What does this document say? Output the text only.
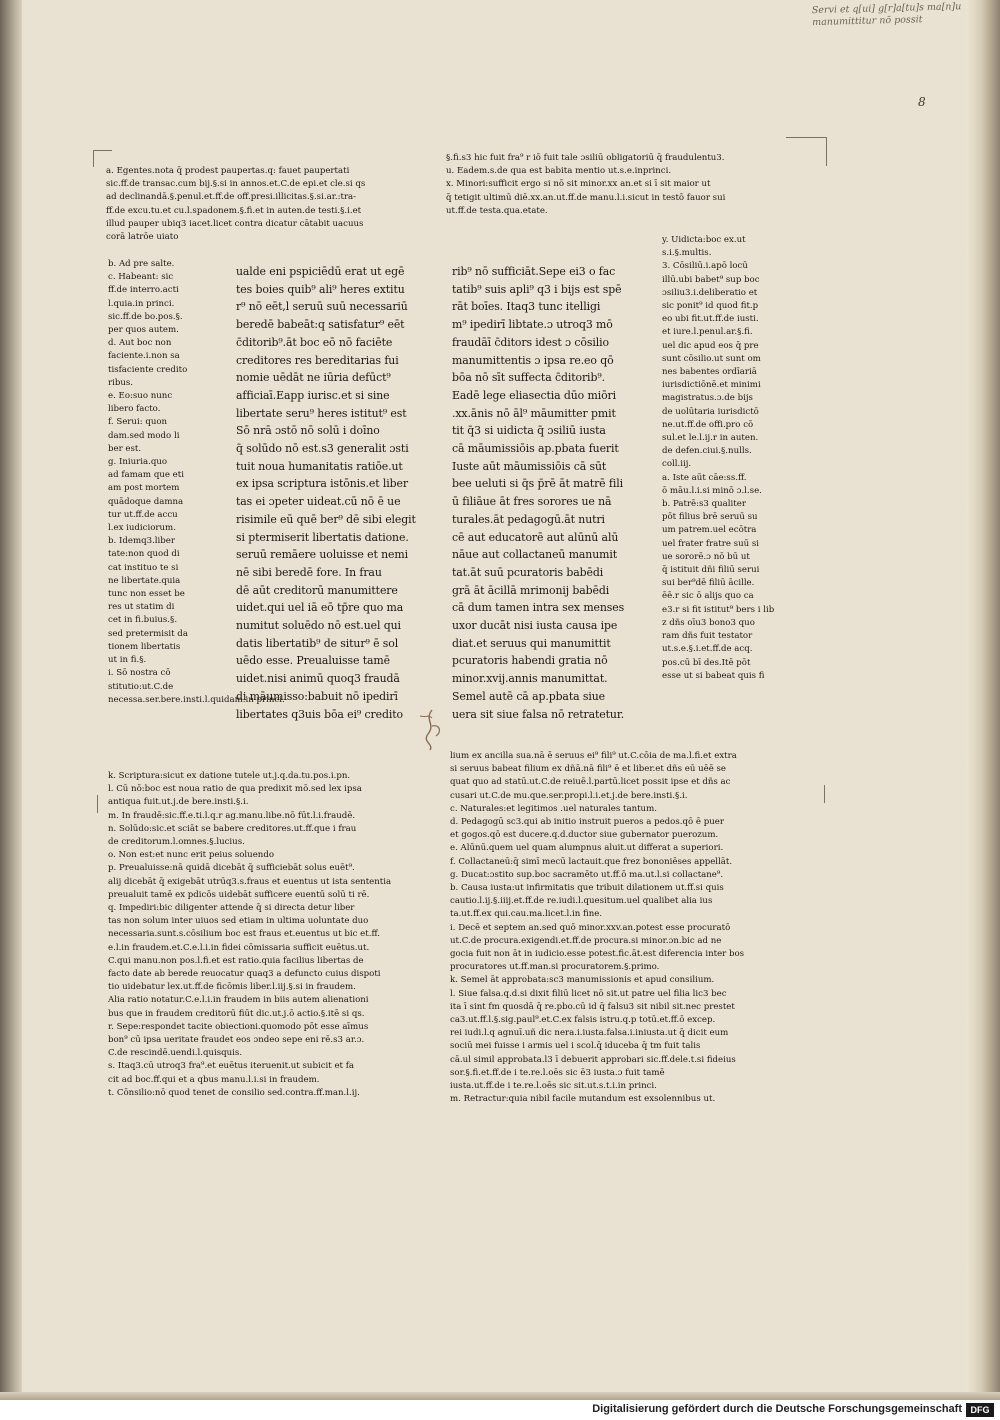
Servi et q[ui] g[r]a[tu]s ma[n]u
manumittitur nō possit
8
a. Egentes.nota q̄ prodest paupertas.q: fauet paupertati
sic.ff.de transac.cum bij.§.si in annos.et.C.de epi.et cle.si qs
ad declinandā.§.penul.et.ff.de off.presi.illicitas.§.si.ar.:tra-
ff.de excu.tu.et cu.l.spadonem.§.fi.et in auten.de testi.§.i.et
illud pauper ubiq3 iacet.licet contra dicatur cātabit uacuus
corā latrōe uiato
§.fi.s3 hic fuit fra⁹ r iō fuit tale ɔsiliū obligatoriū q̄ fraudulentu3.
u. Eadem.s.de qua est babita mentio ut.s.e.inprinci.
x. Minori:sufficit ergo si nō sit minor.xx an.et si ī sit maior ut
q̄ tetigit ultimū diē.xx.an.ut.ff.de manu.l.i.sicut in testō fauor sui
ut.ff.de testa.qua.etate.
b. Ad pre salte.
c. Habeant: sic
ff.de interro.acti
l.quia.in princi.
sic.ff.de bo.pos.§.
per quos autem.
d. Aut boc non
faciente.i.non sa
tisfaciente credito
ribus.
e. Eo:suo nunc
libero facto.
f. Serui: quon
dam.sed modo li
ber est.
g. Iniuria.quo
ad famam que eti
am post mortem
quādoque damna
tur ut.ff.de accu
l.ex iudiciorum.
b. Idemq3.liber
tate:non quod di
cat instituo te si
ne libertate.quia
tunc non esset be
res ut statim di
cet in fi.buius.§.
sed pretermisit da
tionem libertatis
ut in fi.§.
i. Sō nostra cō
stitutio:ut.C.de
necessa.ser.bere.insti.l.quidam.in princi.
ualde eni pspiciēdū erat ut egē
tes boies quib⁹ ali⁹ heres extitu
r⁹ nō eēt,l seruū suū necessariū
beredē babeāt:q satisfatur⁹ eēt
c̄ditorib⁹.āt boc eō nō faciēte
creditores res bereditarias fui
nomie uēdāt ne iūria defūct⁹
afficiaī.Eapp iurisc.et si sine
libertate seru⁹ heres istitut⁹ est
Sō nrā ɔstō nō solū i doīno
q̄ solūdo nō est.s3 generalit ɔsti
tuit noua humanitatis ratiōe.ut
ex ipsa scriptura istōnis.et liber
tas ei ɔpeter uideat.cū nō ē ue
risimile eū quē ber⁹ dē sibi elegit
si ptermiserit libertatis datione.
seruū remāere uoluisse et nemi
nē sibi beredē fore. In frau
dē aūt creditorū manumittere
uidet.qui uel iā eō tp̄re quo ma
numitut soluēdo nō est.uel qui
datis libertatib⁹ de situr⁹ ē sol
uēdo esse. Preualuisse tamē
uidet.nisi animū quoq3 fraudā
di māumisso:babuit nō ipedirī
libertates q3uis bōa ei⁹ credito
rib⁹ nō sufficiāt.Sepe ei3 o fac
tatib⁹ suis apli⁹ q3 i bijs est spē
rāt boīes. Itaq3 tunc itelligi
m⁹ ipedirī libtate.ɔ utroq3 mō
fraudāī c̄ditors idest ɔ cōsilio
manumittentis ɔ ipsa re.eo qō
bōa nō sīt suffecta c̄ditorib⁹.
Eadē lege eliasectia dūo miōri
.xx.ānis nō āl⁹ māumitter pmit
tit q̄3 si uidicta q̄ ɔsiliū iusta
cā māumissiōis ap.pbata fuerit
Iuste aūt māumissiōis cā sūt
bee ueluti si q̄s p̄rē āt matrē fili
ū filiāue āt fres sorores ue nā
turales.āt pedagogū.āt nutri
cē aut educatorē aut alūnū alū
nāue aut collactaneū manumit
tat.āt suū pcuratoris babēdi
grā āt ācillā mrimonij babēdi
cā dum tamen intra sex menses
uxor ducāt nisi iusta causa ipe
diat.et seruus qui manumittit
pcuratoris habendi gratia nō
minor.xvij.annis manumittat.
Semel autē cā ap.pbata siue
uera sit siue falsa nō retratetur.
y. Uidicta:boc ex.ut
s.i.§.multis.
3. Cōsiliū.i.apō locū
illū.ubi babet⁹ sup boc
ɔsiliu3.i.deliberatio et
sic ponit⁹ id quod fit.p
eo ubi fit.ut.ff.de iusti.
et iure.l.penul.ar.§.fi.
uel dic apud eos q̄ pre
sunt cōsilio.ut sunt om
nes babentes ordīariā
iurisdictiōnē.et minimi
magistratus.ɔ.de bijs
de uolūtaria iurisdictō
ne.ut.ff.de offi.pro cō
sul.et le.l.ij.r in auten.
de defen.ciui.§.nulls.
coll.iij.
a. Iste aūt cāe:ss.ff.
ō māu.l.i.si minō ɔ.l.se.
b. Patrē:s3 qualiter
pōt filius brē seruū su
um patrem.uel ecōtra
uel frater fratre suū si
ue sororē.ɔ nō bū ut
q̄ istituit dñi filiū serui
sui ber⁹dē filiū ācille.
ēē.r sic ō alijs quo ca
e3.r si fit istitut⁹ bers i lib
z dñs oīu3 bono3 quo
ram dñs fuit testator
ut.s.e.§.i.et.ff.de acq.
pos.cū bī des.Itē pōt
esse ut si babeat quis fi
k. Scriptura:sicut ex datione tutele ut.j.q.da.tu.pos.i.pn.
l. Cū nō:boc est noua ratio de qua predixit mō.sed lex ipsa
antiqua fuit.ut.j.de bere.insti.§.i.
m. In fraudē:sic.ff.e.ti.l.q.r ag.manu.libe.nō fūt.l.i.fraudē.
n. Solūdo:sic.et sciāt se babere creditores.ut.ff.que i frau
de creditorum.l.omnes.§.lucius.
o. Non est:et nunc erit peius soluendo
p. Preualuisse:nā quidā dicebāt q̄ sufficiebāt solus euēt⁹.
alij dicebāt q̄ exigebāt utrūq3.s.fraus et euentus ut ista sententia
preualuit tamē ex pdicōs uidebāt sufficere euentū solū ti rē.
q. Impediri:bic diligenter attende q̄ si directa detur liber
tas non solum inter uiuos sed etiam in ultima uoluntate duo
necessaria.sunt.s.cōsilium boc est fraus et.euentus ut bic et.ff.
e.l.in fraudem.et.C.e.l.i.in fidei cōmissaria sufficit euētus.ut.
C.qui manu.non pos.l.fi.et est ratio.quia facilius libertas de
facto date ab berede reuocatur quaq3 a defuncto cuius dispoti
tio uidebatur lex.ut.ff.de ficōmis liber.l.iij.§.si in fraudem.
Alia ratio notatur.C.e.l.i.in fraudem in biis autem alienationi
bus que in fraudem creditorū fiūt dic.ut.j.ō actio.§.itē si qs.
r. Sepe:respondet tacite obiectioni.quomodo pōt esse aīmus
bon⁹ cū ipsa ueritate fraudet eos ɔndeo sepe eni rē.s3 ar.ɔ.
C.de rescindē.uendi.l.quisquis.
s. Itaq3.cū utroq3 fra⁹.et euētus iteruenit.ut subicit et fa
cit ad boc.ff.qui et a qbus manu.l.i.si in fraudem.
t. Cōnsilio:nō quod tenet de consilio sed.contra.ff.man.l.ij.
lium ex ancilla sua.nā ē seruus ei⁹ fili⁹ ut.C.cōia de ma.l.fi.et extra
si seruus babeat filium ex dñā.nā fili⁹ ē et liber.et dñs eū uēē se
quat quo ad statū.ut.C.de reiuē.l.partū.licet possit ipse et dñs ac
cusari ut.C.de mu.que.ser.propi.l.i.et.j.de bere.insti.§.i.
c. Naturales:et legitimos .uel naturales tantum.
d. Pedagogū sc3.qui ab initio instruit pueros a pedos.qō ē puer
et gogos.qō est ducere.q.d.ductor siue gubernator puerozum.
e. Alūnū.quem uel quam alumpnus aluit.ut differat a superiori.
f. Collactaneū:q̄ simī mecū lactauit.que frez bononiēses appellāt.
g. Ducat:ɔstito sup.boc sacramēto ut.ff.ō ma.ut.l.si collactane⁹.
b. Causa iusta:ut infirmitatis que tribuit dilationem ut.ff.si quis
cautio.l.ij.§.iiij.et.ff.de re.iudi.l.quesitum.uel qualibet alia ius
ta.ut.ff.ex qui.cau.ma.licet.l.in fine.
i. Decē et septem an.sed quō minor.xxv.an.potest esse procuratō
ut.C.de procura.exigendi.et.ff.de procura.si minor.ɔn.bic ad ne
gocia fuit non āt in iudicio.esse potest.fic.āt.est diferencia inter bos
procuratores ut.ff.man.si procuratorem.§.primo.
k. Semel āt approbata:sc3 manumissionis et apud consilium.
l. Siue falsa.q.d.si dixit filiū licet nō sit.ut patre uel filia lic3 bec
ita ī sint fm quosdā q̄ re.pbo.cū id q̄ falsu3 sit nibil sit.nec prestet
ca3.ut.ff.l.§.sig.paul⁹.et.C.ex falsis istru.q.p totū.et.ff.ō excep.
rei iudi.l.q agnuī.uñ dic nera.i.iusta.falsa.i.iniusta.ut q̄ dicit eum
sociū mei fuisse i armis uel i scol.q̄ iduceba q̄ tm fuit talis
cā.ul simil approbata.l3 ī debuerit approbari sic.ff.dele.t.si fideius
sor.§.fi.et.ff.de i te.re.l.oēs sic ē3 iusta.ɔ fuit tamē
iusta.ut.ff.de i te.re.l.oēs sic sit.ut.s.t.i.in princi.
m. Retractur:quia nibil facile mutandum est exsolennibus ut.
Digitalisierung gefördert durch die Deutsche Forschungsgemeinschaft DFG
